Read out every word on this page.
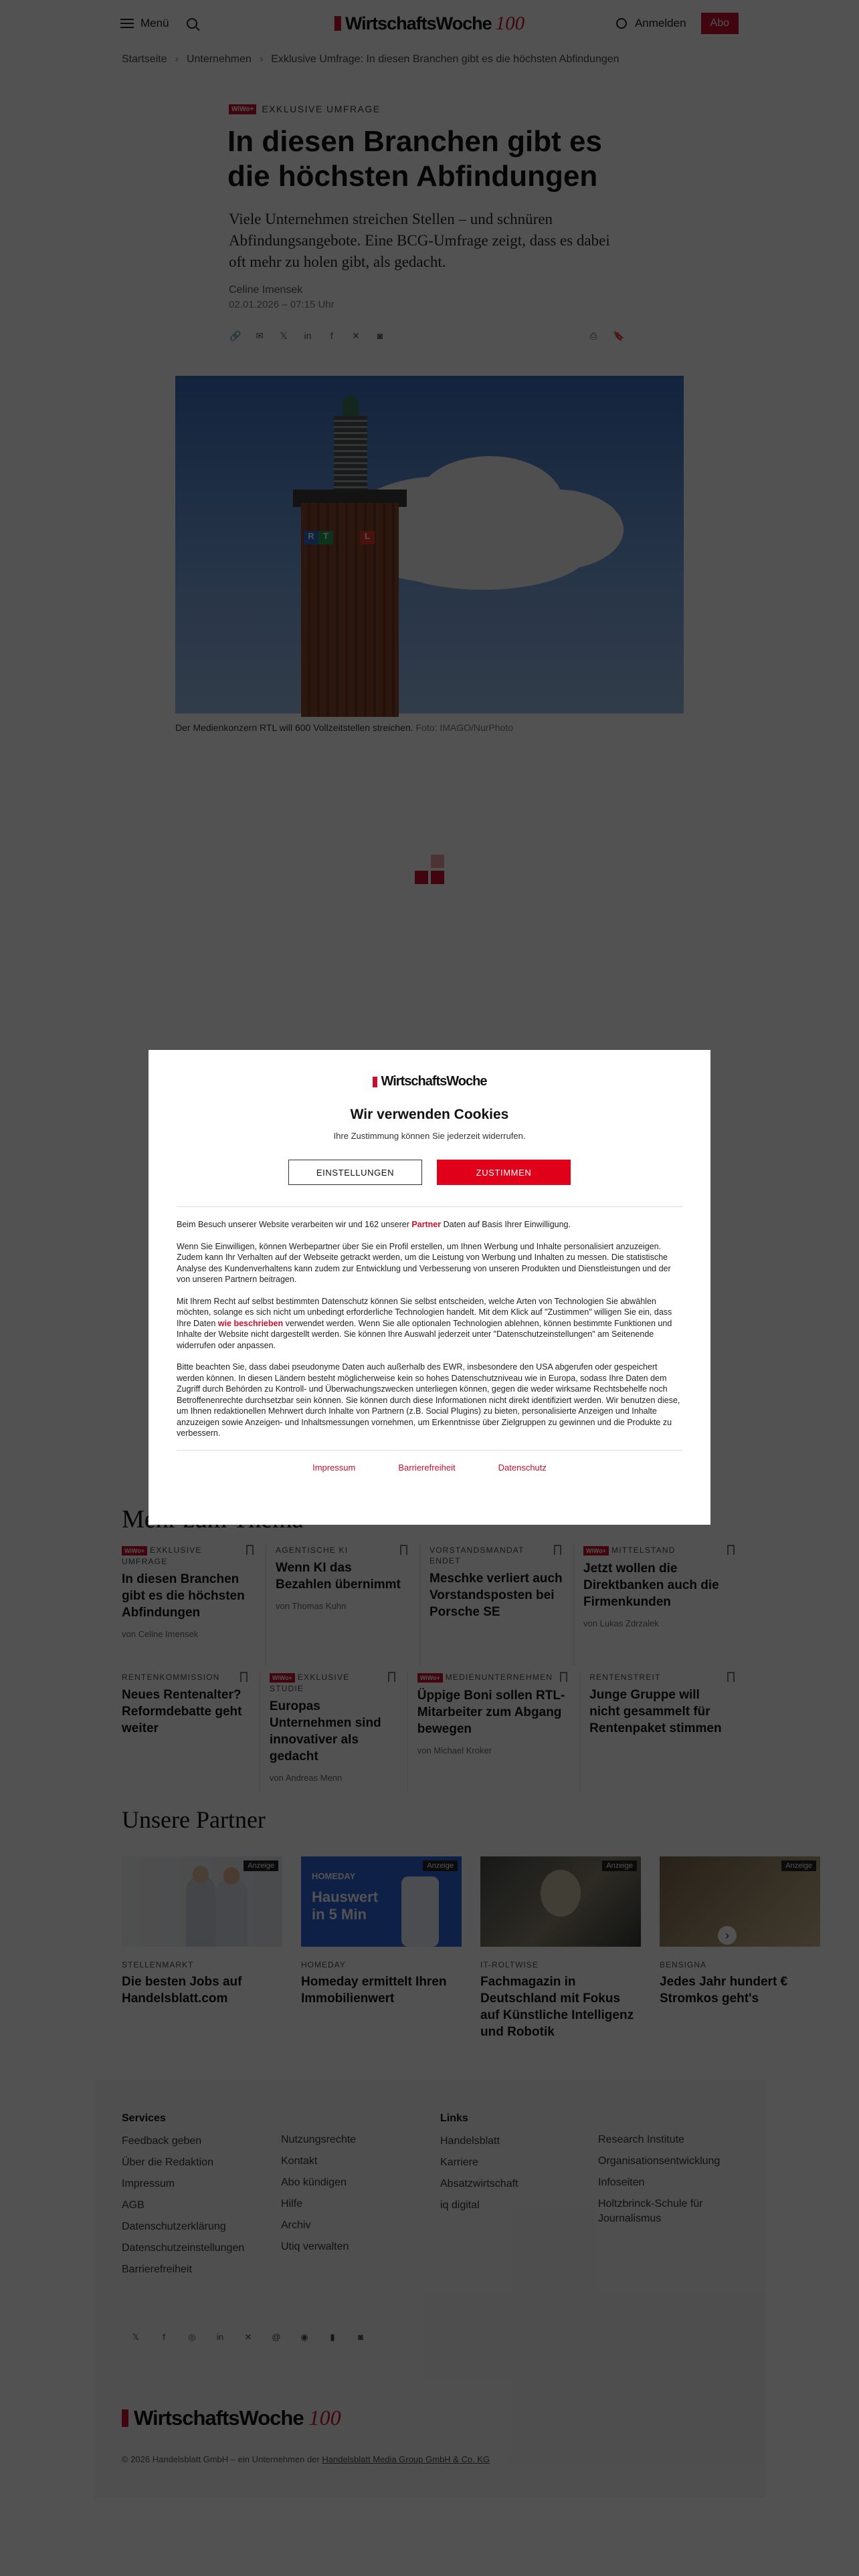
WirtschaftsWoche
Wir verwenden Cookies
Ihre Zustimmung können Sie jederzeit widerrufen.
EINSTELLUNGEN	ZUSTIMMEN

Beim Besuch unserer Website verarbeiten wir und 162 unserer Partner Daten auf Basis Ihrer Einwilligung.

Wenn Sie Einwilligen, können Werbepartner über Sie ein Profil erstellen, um Ihnen Werbung und Inhalte personalisiert anzuzeigen. Zudem kann Ihr Verhalten auf der Webseite getrackt werden, um die Leistung von Werbung und Inhalten zu messen. Die statistische Analyse des Kundenverhaltens kann zudem zur Entwicklung und Verbesserung von unseren Produkten und Dienstleistungen und der von unseren Partnern beitragen.

Mit Ihrem Recht auf selbst bestimmten Datenschutz können Sie selbst entscheiden, welche Arten von Technologien Sie abwählen möchten, solange es sich nicht um unbedingt erforderliche Technologien handelt. Mit dem Klick auf "Zustimmen" willigen Sie ein, dass Ihre Daten wie beschrieben verwendet werden. Wenn Sie alle optionalen Technologien ablehnen, können bestimmte Funktionen und Inhalte der Website nicht dargestellt werden. Sie können Ihre Auswahl jederzeit unter "Datenschutzeinstellungen" am Seitenende widerrufen oder anpassen.

Bitte beachten Sie, dass dabei pseudonyme Daten auch außerhalb des EWR, insbesondere den USA abgerufen oder gespeichert werden können. In diesen Ländern besteht möglicherweise kein so hohes Datenschutzniveau wie in Europa, sodass Ihre Daten dem Zugriff durch Behörden zu Kontroll- und Überwachungszwecken unterliegen können, gegen die weder wirksame Rechtsbehelfe noch Betroffenenrechte durchsetzbar sein können. Sie können durch diese Informationen nicht direkt identifiziert werden. Wir benutzen diese, um Ihnen redaktionellen Mehrwert durch Inhalte von Partnern (z.B. Social Plugins) zu bieten, personalisierte Anzeigen und Inhalte anzuzeigen sowie Anzeigen- und Inhaltsmessungen vornehmen, um Erkenntnisse über Zielgruppen zu gewinnen und die Produkte zu verbessern.

Impressum	Barrierefreiheit	Datenschutz
